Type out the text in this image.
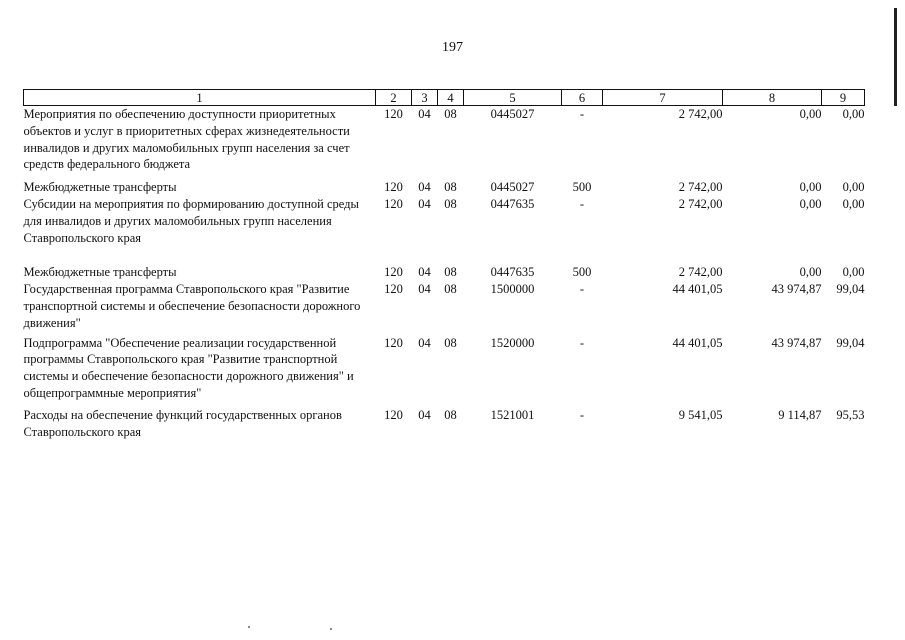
197
1	2	3	4	5	6	7	8	9
Мероприятия по обеспечению доступности приоритетных объектов и услуг в приоритетных сферах жизнедеятельности инвалидов и других маломобильных групп населения за счет средств федерального бюджета	120	04	08	0445027	-	2 742,00	0,00	0,00
Межбюджетные трансферты	120	04	08	0445027	500	2 742,00	0,00	0,00
Субсидии на мероприятия по формированию доступной среды для инвалидов и других маломобильных групп населения Ставропольского края	120	04	08	0447635	-	2 742,00	0,00	0,00
Межбюджетные трансферты	120	04	08	0447635	500	2 742,00	0,00	0,00
Государственная программа Ставропольского края "Развитие транспортной системы и обеспечение безопасности дорожного движения"	120	04	08	1500000	-	44 401,05	43 974,87	99,04
Подпрограмма "Обеспечение реализации государственной программы Ставропольского края "Развитие транспортной системы и обеспечение безопасности дорожного движения" и общепрограммные мероприятия"	120	04	08	1520000	-	44 401,05	43 974,87	99,04
Расходы на обеспечение функций государственных органов Ставропольского края	120	04	08	1521001	-	9 541,05	9 114,87	95,53
